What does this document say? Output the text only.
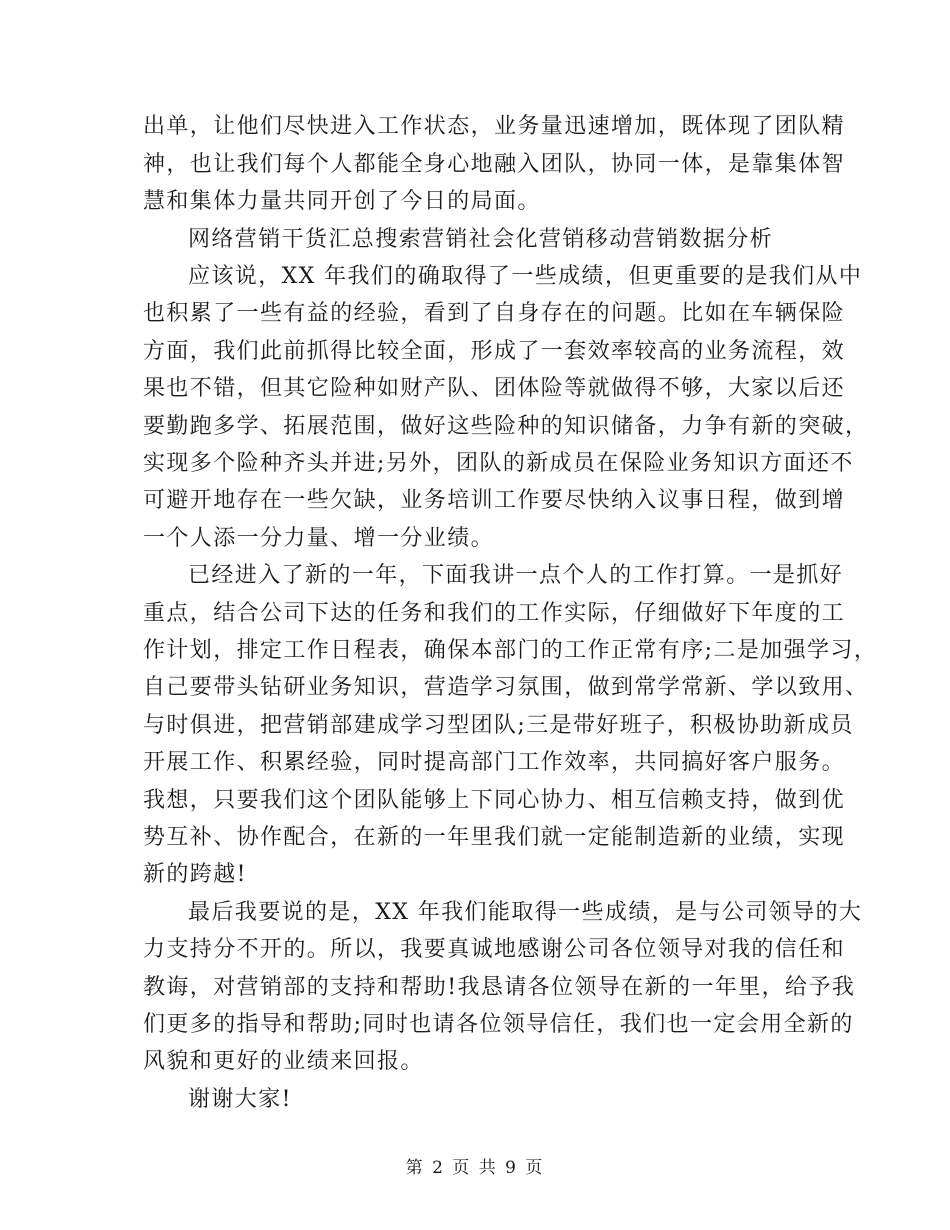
出单，让他们尽快进入工作状态，业务量迅速增加，既体现了团队精
神，也让我们每个人都能全身心地融入团队，协同一体，是靠集体智
慧和集体力量共同开创了今日的局面。
网络营销干货汇总搜索营销社会化营销移动营销数据分析
应该说，XX 年我们的确取得了一些成绩，但更重要的是我们从中
也积累了一些有益的经验，看到了自身存在的问题。比如在车辆保险
方面，我们此前抓得比较全面，形成了一套效率较高的业务流程，效
果也不错，但其它险种如财产队、团体险等就做得不够，大家以后还
要勤跑多学、拓展范围，做好这些险种的知识储备，力争有新的突破，
实现多个险种齐头并进;另外，团队的新成员在保险业务知识方面还不
可避开地存在一些欠缺，业务培训工作要尽快纳入议事日程，做到增
一个人添一分力量、增一分业绩。
已经进入了新的一年，下面我讲一点个人的工作打算。一是抓好
重点，结合公司下达的任务和我们的工作实际，仔细做好下年度的工
作计划，排定工作日程表，确保本部门的工作正常有序;二是加强学习，
自己要带头钻研业务知识，营造学习氛围，做到常学常新、学以致用、
与时俱进，把营销部建成学习型团队;三是带好班子，积极协助新成员
开展工作、积累经验，同时提高部门工作效率，共同搞好客户服务。
我想，只要我们这个团队能够上下同心协力、相互信赖支持，做到优
势互补、协作配合，在新的一年里我们就一定能制造新的业绩，实现
新的跨越!
最后我要说的是，XX 年我们能取得一些成绩，是与公司领导的大
力支持分不开的。所以，我要真诚地感谢公司各位领导对我的信任和
教诲，对营销部的支持和帮助!我恳请各位领导在新的一年里，给予我
们更多的指导和帮助;同时也请各位领导信任，我们也一定会用全新的
风貌和更好的业绩来回报。
谢谢大家!
第 2 页 共 9 页
